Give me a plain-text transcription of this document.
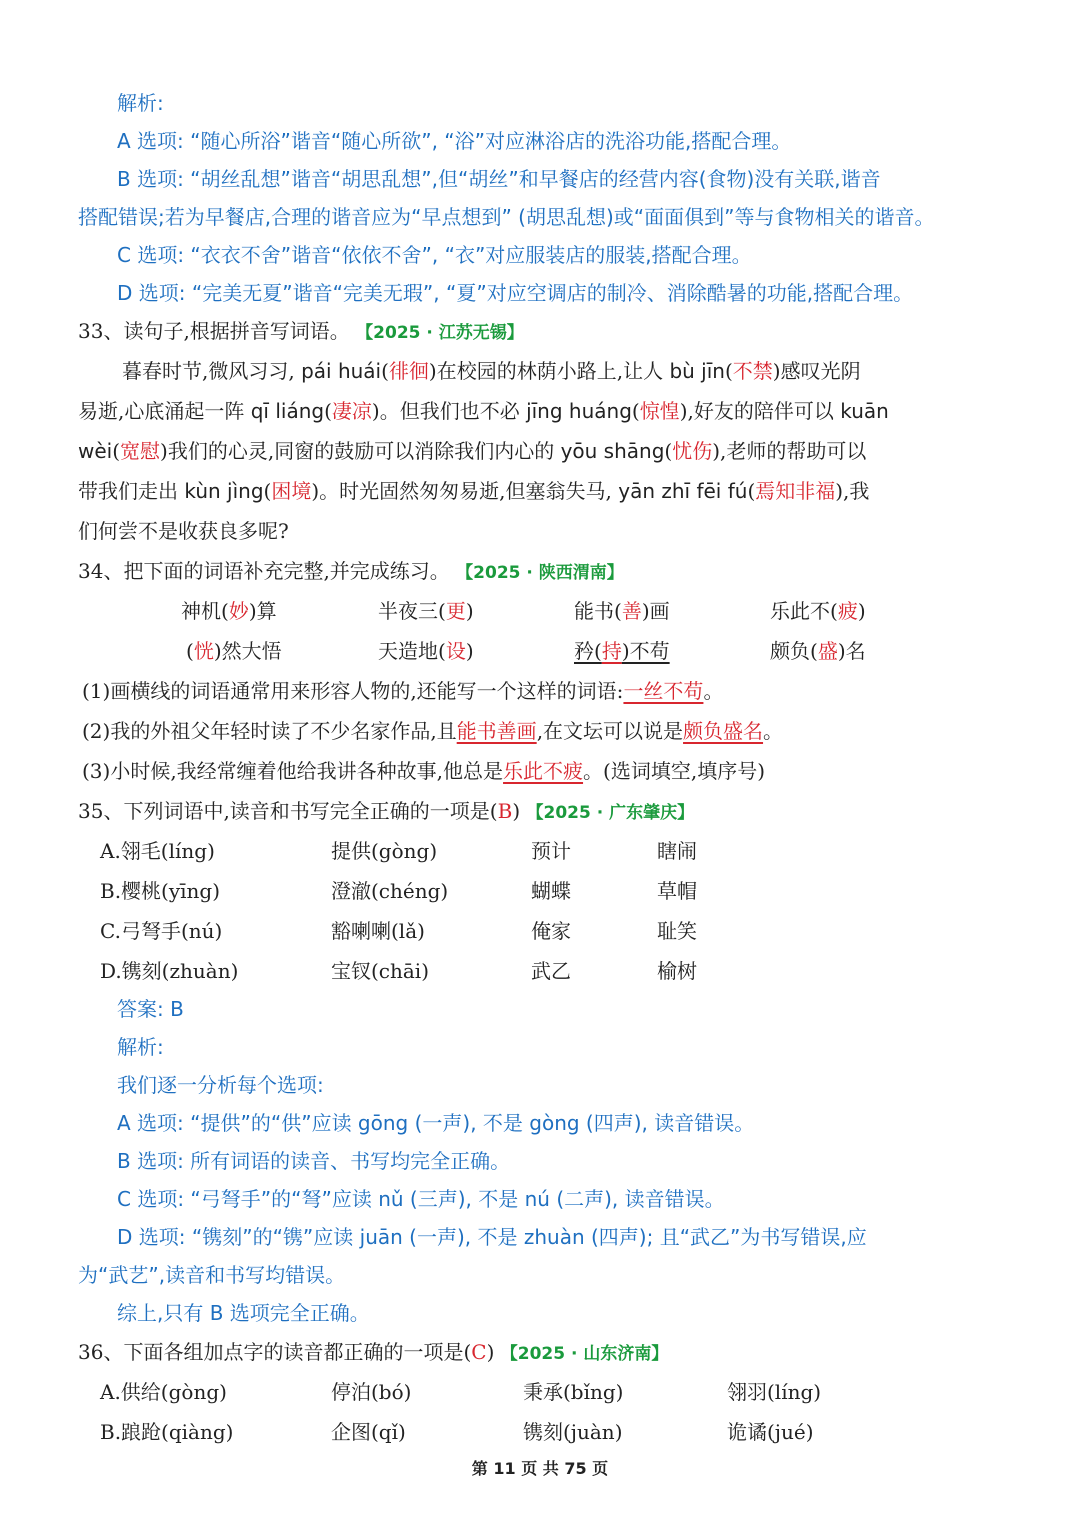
解析:
A 选项: “随心所浴”谐音“随心所欲”, “浴”对应淋浴店的洗浴功能,搭配合理。
B 选项: “胡丝乱想”谐音“胡思乱想”,但“胡丝”和早餐店的经营内容(食物)没有关联,谐音
搭配错误;若为早餐店,合理的谐音应为“早点想到” (胡思乱想)或“面面俱到”等与食物相关的谐音。
C 选项: “衣衣不舍”谐音“依依不舍”, “衣”对应服装店的服装,搭配合理。
D 选项: “完美无夏”谐音“完美无瑕”, “夏”对应空调店的制冷、消除酷暑的功能,搭配合理。
33、读句子,根据拼音写词语。 【2025 · 江苏无锡】
暮春时节,微风习习, pái huái(徘徊)在校园的林荫小路上,让人 bù jīn(不禁)感叹光阴
易逝,心底涌起一阵 qī liáng(凄凉)。但我们也不必 jīng huáng(惊惶),好友的陪伴可以 kuān
wèi(宽慰)我们的心灵,同窗的鼓励可以消除我们内心的 yōu shāng(忧伤),老师的帮助可以
带我们走出 kùn jìng(困境)。时光固然匆匆易逝,但塞翁失马, yān zhī fēi fú(焉知非福),我
们何尝不是收获良多呢?
34、把下面的词语补充完整,并完成练习。 【2025 · 陕西渭南】
神机(妙)算	半夜三(更)	能书(善)画	乐此不(疲)
(恍)然大悟	天造地(设)	矜(持)不苟	颇负(盛)名
(1)画横线的词语通常用来形容人物的,还能写一个这样的词语:一丝不苟。
(2)我的外祖父年轻时读了不少名家作品,且能书善画,在文坛可以说是颇负盛名。
(3)小时候,我经常缠着他给我讲各种故事,他总是乐此不疲。(选词填空,填序号)
35、下列词语中,读音和书写完全正确的一项是(B) 【2025 · 广东肇庆】
A.翎毛(líng)	提供(gòng)	预计	瞎闹
B.樱桃(yīng)	澄澈(chéng)	蝴蝶	草帽
C.弓弩手(nú)	豁喇喇(lǎ)	俺家	耻笑
D.镌刻(zhuàn)	宝钗(chāi)	武乙	榆树
答案: B
解析:
我们逐一分析每个选项:
A 选项: “提供”的“供”应读 gōng (一声), 不是 gòng (四声), 读音错误。
B 选项: 所有词语的读音、书写均完全正确。
C 选项: “弓弩手”的“弩”应读 nǔ (三声), 不是 nú (二声), 读音错误。
D 选项: “镌刻”的“镌”应读 juān (一声), 不是 zhuàn (四声); 且“武乙”为书写错误,应
为“武艺”,读音和书写均错误。
综上,只有 B 选项完全正确。
36、下面各组加点字的读音都正确的一项是(C) 【2025 · 山东济南】
A.供给(gòng)	停泊(bó)	秉承(bǐng)	翎羽(líng)
B.踉跄(qiàng)	企图(qǐ)	镌刻(juàn)	诡谲(jué)
第 11 页 共 75 页
